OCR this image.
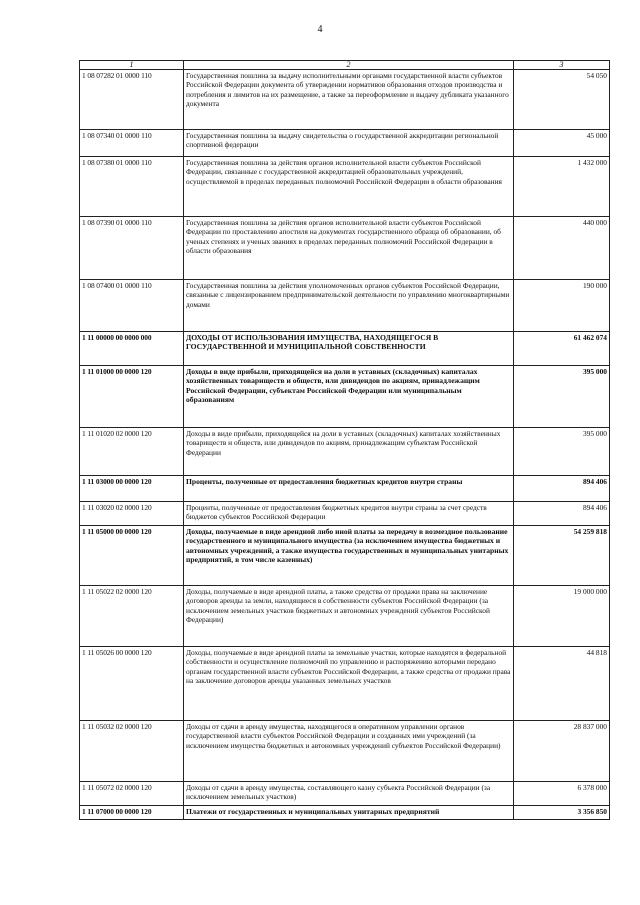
4
1	2	3
1 08 07282 01 0000 110	Государственная пошлина за выдачу исполнительными органами государственной власти субъектов Российской Федерации документа об утверждении нормативов образования отходов производства и потребления и лимитов на их размещение, а также за переоформление и выдачу дубликата указанного документа	54 050
1 08 07340 01 0000 110	Государственная пошлина за выдачу свидетельства о государственной аккредитации региональной спортивной федерации	45 000
1 08 07380 01 0000 110	Государственная пошлина за действия органов исполнительной власти субъектов Российской Федерации, связанные с государственной аккредитацией образовательных учреждений, осуществляемой в пределах переданных полномочий Российской Федерации в области образования	1 432 000
1 08 07390 01 0000 110	Государственная пошлина за действия органов исполнительной власти субъектов Российской Федерации по проставлению апостиля на документах государственного образца об образовании, об ученых степенях и ученых званиях в пределах переданных полномочий Российской Федерации в области образования	440 000
1 08 07400 01 0000 110	Государственная пошлина за действия уполномоченных органов субъектов Российской Федерации, связанные с лицензированием предпринимательской деятельности по управлению многоквартирными домами	190 000
1 11 00000 00 0000 000	ДОХОДЫ ОТ ИСПОЛЬЗОВАНИЯ ИМУЩЕСТВА, НАХОДЯЩЕГОСЯ В ГОСУДАРСТВЕННОЙ И МУНИЦИПАЛЬНОЙ СОБСТВЕННОСТИ	61 462 074
1 11 01000 00 0000 120	Доходы в виде прибыли, приходящейся на доли в уставных (складочных) капиталах хозяйственных товариществ и обществ, или дивидендов по акциям, принадлежащим Российской Федерации, субъектам Российской Федерации или муниципальным образованиям	395 000
1 11 01020 02 0000 120	Доходы в виде прибыли, приходящейся на доли в уставных (складочных) капиталах хозяйственных товариществ и обществ, или дивидендов по акциям, принадлежащим субъектам Российской Федерации	395 000
1 11 03000 00 0000 120	Проценты, полученные от предоставления бюджетных кредитов внутри страны	894 406
1 11 03020 02 0000 120	Проценты, полученные от предоставления бюджетных кредитов внутри страны за счет средств бюджетов субъектов Российской Федерации	894 406
1 11 05000 00 0000 120	Доходы, получаемые в виде арендной либо иной платы за передачу в возмездное пользование государственного и муниципального имущества (за исключением имущества бюджетных и автономных учреждений, а также имущества государственных и муниципальных унитарных предприятий, в том числе казенных)	54 259 818
1 11 05022 02 0000 120	Доходы, получаемые в виде арендной платы, а также средства от продажи права на заключение договоров аренды за земли, находящиеся в собственности субъектов Российской Федерации (за исключением земельных участков бюджетных и автономных учреждений субъектов Российской Федерации)	19 000 000
1 11 05026 00 0000 120	Доходы, получаемые в виде арендной платы за земельные участки, которые находятся в федеральной собственности и осуществление полномочий по управлению и распоряжению которыми передано органам государственной власти субъектов Российской Федерации, а также средства от продажи права на заключение договоров аренды указанных земельных участков	44 818
1 11 05032 02 0000 120	Доходы от сдачи в аренду имущества, находящегося в оперативном управлении органов государственной власти субъектов Российской Федерации и созданных ими учреждений (за исключением имущества бюджетных и автономных учреждений субъектов Российской Федерации)	28 837 000
1 11 05072 02 0000 120	Доходы от сдачи в аренду имущества, составляющего казну субъекта Российской Федерации (за исключением земельных участков)	6 378 000
1 11 07000 00 0000 120	Платежи от государственных и муниципальных унитарных предприятий	3 356 850
